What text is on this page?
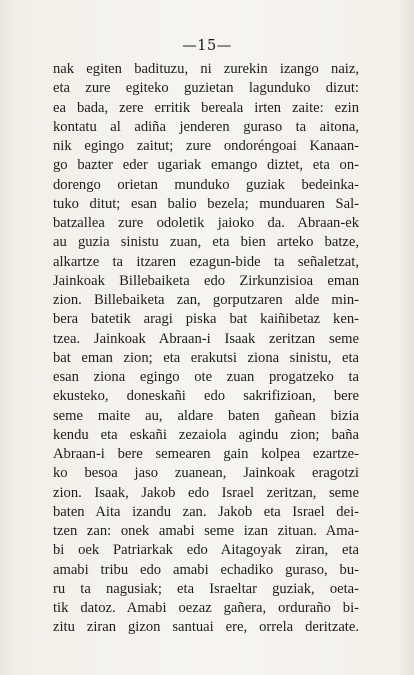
—15—
nak egiten badituzu, ni zurekin izango naiz,
eta zure egiteko guzietan lagunduko dizut:
ea bada, zere erritik bereala irten zaite: ezin
kontatu al adiña jenderen guraso ta aitona,
nik egingo zaitut; zure ondoréngoai Kanaan-
go bazter eder ugariak emango diztet, eta on-
dorengo orietan munduko guziak bedeinka-
tuko ditut; esan balio bezela; munduaren Sal-
batzallea zure odoletik jaioko da. Abraan-ek
au guzia sinistu zuan, eta bien arteko batze,
alkartze ta itzaren ezagun-bide ta señaletzat,
Jainkoak Billebaiketa edo Zirkunzisioa eman
zion. Billebaiketa zan, gorputzaren alde min-
bera batetik aragi piska bat kaiñibetaz ken-
tzea. Jainkoak Abraan-i Isaak zeritzan seme
bat eman zion; eta erakutsi ziona sinistu, eta
esan ziona egingo ote zuan progatzeko ta
ekusteko, doneskañi edo sakrifizioan, bere
seme maite au, aldare baten gañean bizia
kendu eta eskañi zezaiola agindu zion; baña
Abraan-i bere semearen gain kolpea ezartze-
ko besoa jaso zuanean, Jainkoak eragotzi
zion. Isaak, Jakob edo Israel zeritzan, seme
baten Aita izandu zan. Jakob eta Israel dei-
tzen zan: onek amabi seme izan zituan. Ama-
bi oek Patriarkak edo Aitagoyak ziran, eta
amabi tribu edo amabi echadiko guraso, bu-
ru ta nagusiak; eta Israeltar guziak, oeta-
tik datoz. Amabi oezaz gañera, orduraño bi-
zitu ziran gizon santuai ere, orrela deritzate.
